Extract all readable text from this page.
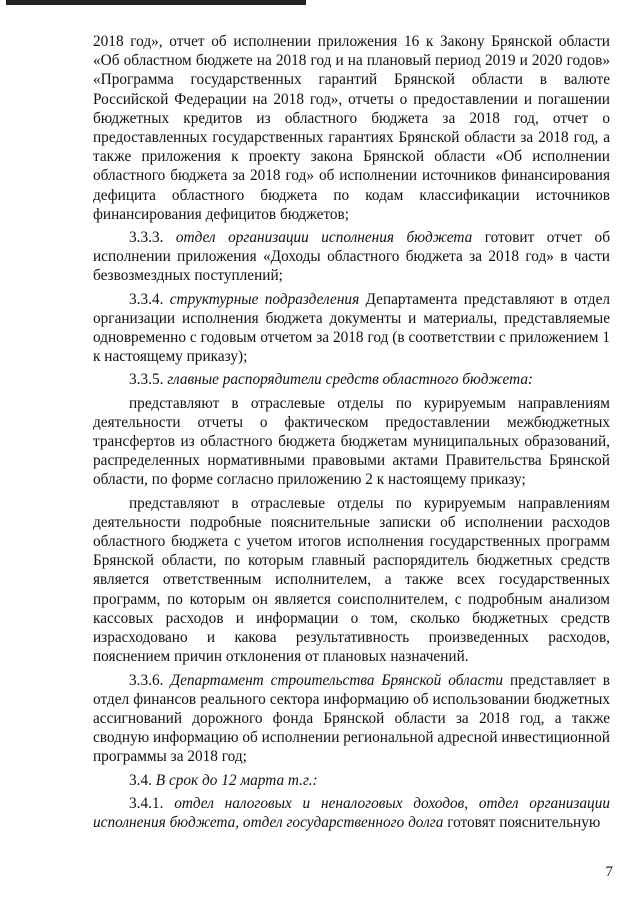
2018 год», отчет об исполнении приложения 16 к Закону Брянской области «Об областном бюджете на 2018 год и на плановый период 2019 и 2020 годов» «Программа государственных гарантий Брянской области в валюте Российской Федерации на 2018 год», отчеты о предоставлении и погашении бюджетных кредитов из областного бюджета за 2018 год, отчет о предоставленных государственных гарантиях Брянской области за 2018 год, а также приложения к проекту закона Брянской области «Об исполнении областного бюджета за 2018 год» об исполнении источников финансирования дефицита областного бюджета по кодам классификации источников финансирования дефицитов бюджетов;

3.3.3. отдел организации исполнения бюджета готовит отчет об исполнении приложения «Доходы областного бюджета за 2018 год» в части безвозмездных поступлений;

3.3.4. структурные подразделения Департамента представляют в отдел организации исполнения бюджета документы и материалы, представляемые одновременно с годовым отчетом за 2018 год (в соответствии с приложением 1 к настоящему приказу);

3.3.5. главные распорядители средств областного бюджета:

представляют в отраслевые отделы по курируемым направлениям деятельности отчеты о фактическом предоставлении межбюджетных трансфертов из областного бюджета бюджетам муниципальных образований, распределенных нормативными правовыми актами Правительства Брянской области, по форме согласно приложению 2 к настоящему приказу;

представляют в отраслевые отделы по курируемым направлениям деятельности подробные пояснительные записки об исполнении расходов областного бюджета с учетом итогов исполнения государственных программ Брянской области, по которым главный распорядитель бюджетных средств является ответственным исполнителем, а также всех государственных программ, по которым он является соисполнителем, с подробным анализом кассовых расходов и информации о том, сколько бюджетных средств израсходовано и какова результативность произведенных расходов, пояснением причин отклонения от плановых назначений.

3.3.6. Департамент строительства Брянской области представляет в отдел финансов реального сектора информацию об использовании бюджетных ассигнований дорожного фонда Брянской области за 2018 год, а также сводную информацию об исполнении региональной адресной инвестиционной программы за 2018 год;

3.4. В срок до 12 марта т.г.:

3.4.1. отдел налоговых и неналоговых доходов, отдел организации исполнения бюджета, отдел государственного долга готовят пояснительную

7
